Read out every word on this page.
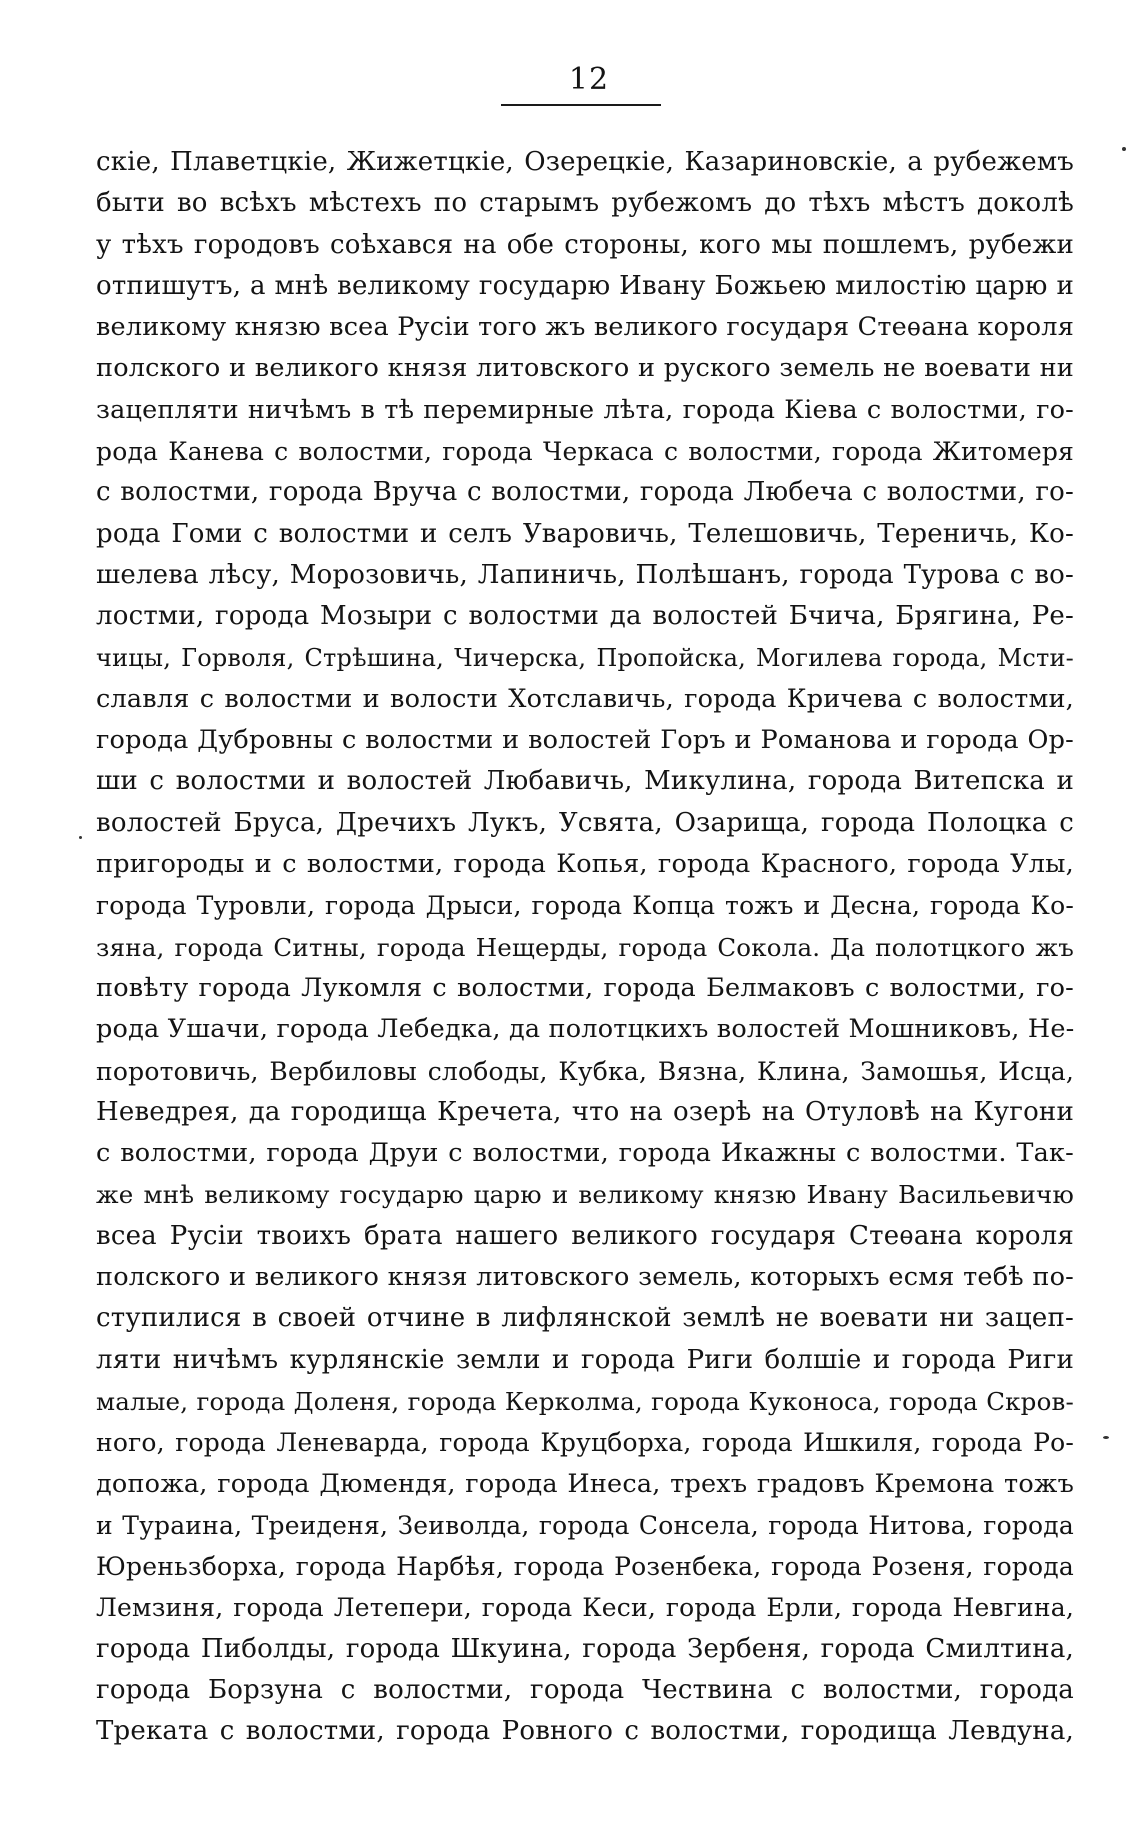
12
скіе, Плаветцкіе, Жижетцкіе, Озерецкіе, Казариновскіе, а рубежемъ
быти во всѣхъ мѣстехъ по старымъ рубежомъ до тѣхъ мѣстъ доколѣ
у тѣхъ городовъ соѣхався на обе стороны, кого мы пошлемъ, рубежи
отпишутъ, а мнѣ великому государю Ивану Божьею милостію царю и
великому князю всеа Русіи того жъ великого государя Стеѳана короля
полского и великого князя литовского и руского земель не воевати ни
зацепляти ничѣмъ в тѣ перемирные лѣта, города Кіева с волостми, го-
рода Канева с волостми, города Черкаса с волостми, города Житомеря
с волостми, города Вруча с волостми, города Любеча с волостми, го-
рода Гоми с волостми и селъ Уваровичь, Телешовичь, Тереничь, Ко-
шелева лѣсу, Морозовичь, Лапиничь, Полѣшанъ, города Турова с во-
лостми, города Мозыри с волостми да волостей Бчича, Брягина, Ре-
чицы, Горволя, Стрѣшина, Чичерска, Пропойска, Могилева города, Мсти-
славля с волостми и волости Хотславичь, города Кричева с волостми,
города Дубровны с волостми и волостей Горъ и Романова и города Ор-
ши с волостми и волостей Любавичь, Микулина, города Витепска и
волостей Бруса, Дречихъ Лукъ, Усвята, Озарища, города Полоцка с
пригороды и с волостми, города Копья, города Красного, города Улы,
города Туровли, города Дрыси, города Копца тожъ и Десна, города Ко-
зяна, города Ситны, города Нещерды, города Сокола. Да полотцкого жъ
повѣту города Лукомля с волостми, города Белмаковъ с волостми, го-
рода Ушачи, города Лебедка, да полотцкихъ волостей Мошниковъ, Не-
поротовичь, Вербиловы слободы, Кубка, Вязна, Клина, Замошья, Исца,
Неведрея, да городища Кречета, что на озерѣ на Отуловѣ на Кугони
с волостми, города Друи с волостми, города Икажны с волостми. Так-
же мнѣ великому государю царю и великому князю Ивану Васильевичю
всеа Русіи твоихъ брата нашего великого государя Стеѳана короля
полского и великого князя литовского земель, которыхъ есмя тебѣ по-
ступилися в своей отчине в лифлянской землѣ не воевати ни зацеп-
ляти ничѣмъ курлянскіе земли и города Риги болшіе и города Риги
малые, города Доленя, города Керколма, города Куконоса, города Скров-
ного, города Леневарда, города Круцборха, города Ишкиля, города Ро-
допожа, города Дюмендя, города Инеса, трехъ градовъ Кремона тожъ
и Тураина, Треиденя, Зеиволда, города Сонсела, города Нитова, города
Юреньзборха, города Нарбѣя, города Розенбека, города Розеня, города
Лемзиня, города Летепери, города Кеси, города Ерли, города Невгина,
города Пиболды, города Шкуина, города Зербеня, города Смилтина,
города Борзуна с волостми, города Чествина с волостми, города
Треката с волостми, города Ровного с волостми, городища Левдуна,
